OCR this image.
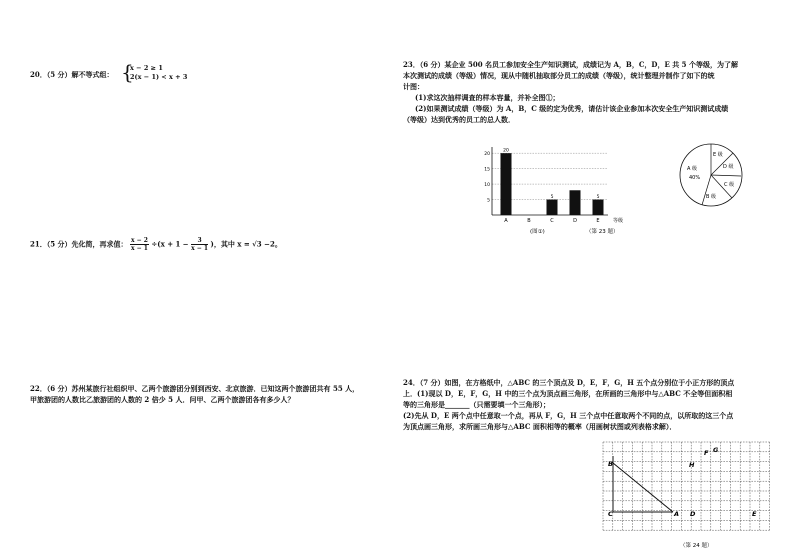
20．（5 分）解不等式组： {
x − 2 ≥ 1
2(x − 1) < x + 3
21．（5 分）先化简，再求值： $\frac{x - 2}{x - 1} \div(x + 1 - \frac{3}{x - 1}$ )，其中 x = √3 −2。
22．（6 分）苏州某旅行社组织甲、乙两个旅游团分别到西安、北京旅游．已知这两个旅游团共有 55 人，
甲旅游团的人数比乙旅游团的人数的 2 倍少 5 人．问甲、乙两个旅游团各有多少人？
23．（6 分）某企业 500 名员工参加安全生产知识测试，成绩记为 A，B，C，D，E 共 5 个等级，为了解
本次测试的成绩（等级）情况，现从中随机抽取部分员工的成绩（等级），统计整理并制作了如下的统
计图：
(1)求这次抽样调查的样本容量，并补全图①；
(2)如果测试成绩（等级）为 A，B，C 级的定为优秀，请估计该企业参加本次安全生产知识测试成绩
（等级）达到优秀的员工的总人数．
5
10
15
20
20
5	5
A	B	C	D	E	等级
(图①)	（第 23 题）
E 级
D 级
C 级
B 级
A 级
40%
24．（7 分）如图，在方格纸中，△ABC 的三个顶点及 D，E，F，G，H 五个点分别位于小正方形的顶点
上．(1)现以 D，E，F，G，H 中的三个点为顶点画三角形，在所画的三角形中与△ABC 不全等但面积相
等的三角形是_______（只需要填一个三角形）；
(2)先从 D，E 两个点中任意取一个点，再从 F，G，H 三个点中任意取两个不同的点，以所取的这三个点
为顶点画三角形，求所画三角形与△ABC 面积相等的概率（用画树状图或列表格求解）．
B
C	A D	E
F G
H
（第 24 题）
